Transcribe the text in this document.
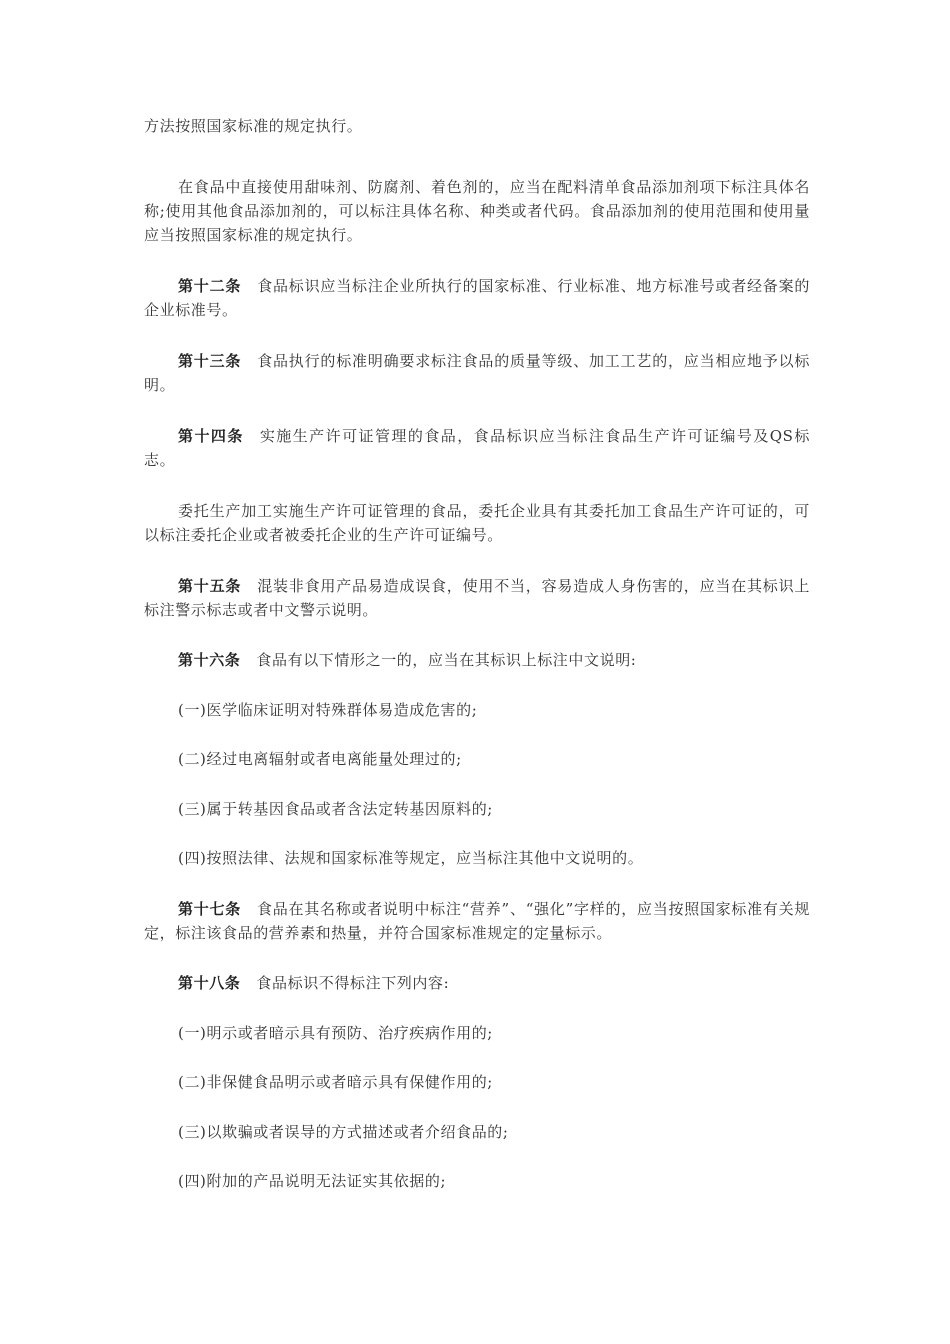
方法按照国家标准的规定执行。

在食品中直接使用甜味剂、防腐剂、着色剂的，应当在配料清单食品添加剂项下标注具体名称;使用其他食品添加剂的，可以标注具体名称、种类或者代码。食品添加剂的使用范围和使用量应当按照国家标准的规定执行。

第十二条 食品标识应当标注企业所执行的国家标准、行业标准、地方标准号或者经备案的企业标准号。

第十三条 食品执行的标准明确要求标注食品的质量等级、加工工艺的，应当相应地予以标明。

第十四条 实施生产许可证管理的食品，食品标识应当标注食品生产许可证编号及QS标志。

委托生产加工实施生产许可证管理的食品，委托企业具有其委托加工食品生产许可证的，可以标注委托企业或者被委托企业的生产许可证编号。

第十五条 混装非食用产品易造成误食，使用不当，容易造成人身伤害的，应当在其标识上标注警示标志或者中文警示说明。

第十六条 食品有以下情形之一的，应当在其标识上标注中文说明:

(一)医学临床证明对特殊群体易造成危害的;

(二)经过电离辐射或者电离能量处理过的;

(三)属于转基因食品或者含法定转基因原料的;

(四)按照法律、法规和国家标准等规定，应当标注其他中文说明的。

第十七条 食品在其名称或者说明中标注“营养”、“强化”字样的，应当按照国家标准有关规定，标注该食品的营养素和热量，并符合国家标准规定的定量标示。

第十八条 食品标识不得标注下列内容:

(一)明示或者暗示具有预防、治疗疾病作用的;

(二)非保健食品明示或者暗示具有保健作用的;

(三)以欺骗或者误导的方式描述或者介绍食品的;

(四)附加的产品说明无法证实其依据的;
